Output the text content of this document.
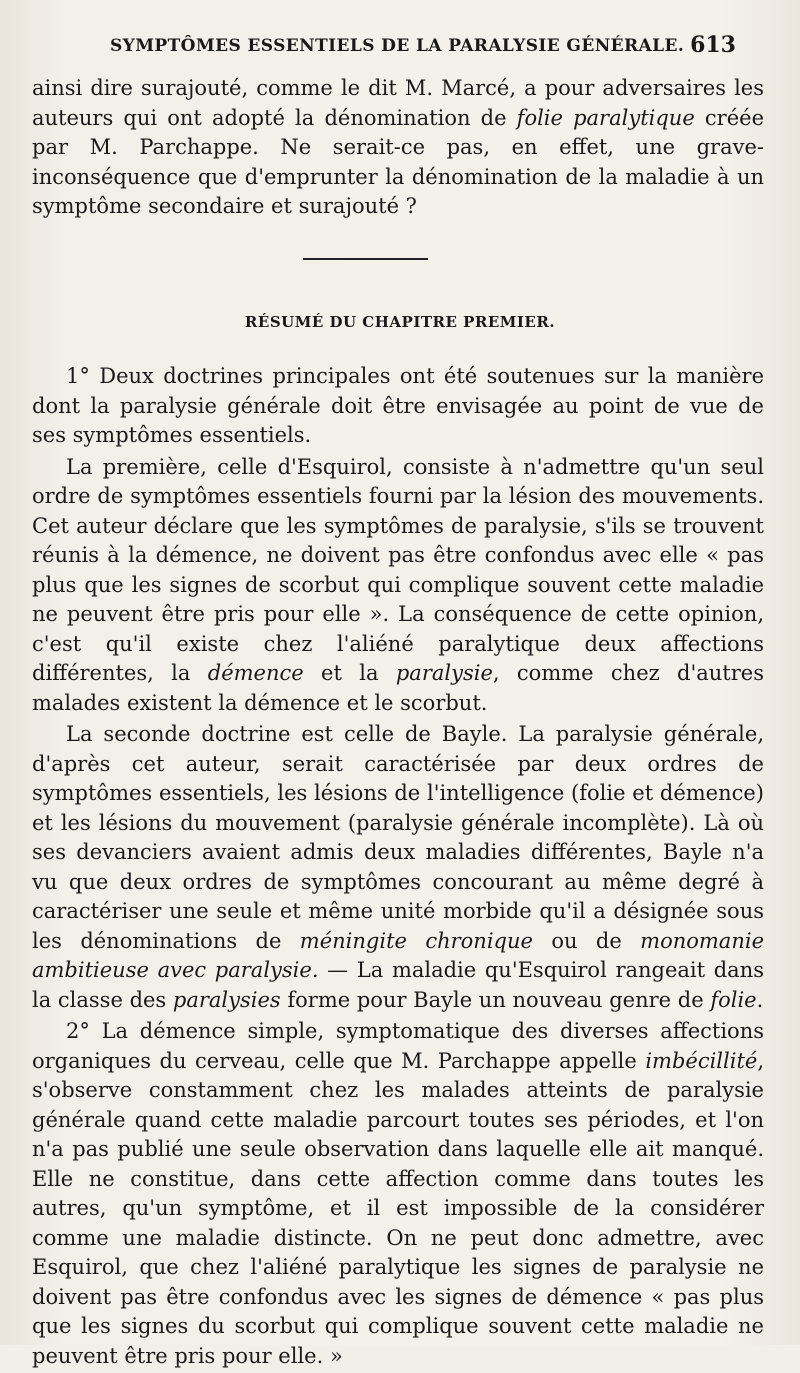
SYMPTÔMES ESSENTIELS DE LA PARALYSIE GÉNÉRALE. 613

ainsi dire surajouté, comme le dit M. Marcé, a pour adversaires les auteurs qui ont adopté la dénomination de folie paralytique créée par M. Parchappe. Ne serait-ce pas, en effet, une grave-inconséquence que d'emprunter la dénomination de la maladie à un symptôme secondaire et surajouté ?

RÉSUMÉ DU CHAPITRE PREMIER.

1° Deux doctrines principales ont été soutenues sur la manière dont la paralysie générale doit être envisagée au point de vue de ses symptômes essentiels.

La première, celle d'Esquirol, consiste à n'admettre qu'un seul ordre de symptômes essentiels fourni par la lésion des mouvements. Cet auteur déclare que les symptômes de paralysie, s'ils se trouvent réunis à la démence, ne doivent pas être confondus avec elle « pas plus que les signes de scorbut qui complique souvent cette maladie ne peuvent être pris pour elle ». La conséquence de cette opinion, c'est qu'il existe chez l'aliéné paralytique deux affections différentes, la démence et la paralysie, comme chez d'autres malades existent la démence et le scorbut.

La seconde doctrine est celle de Bayle. La paralysie générale, d'après cet auteur, serait caractérisée par deux ordres de symptômes essentiels, les lésions de l'intelligence (folie et démence) et les lésions du mouvement (paralysie générale incomplète). Là où ses devanciers avaient admis deux maladies différentes, Bayle n'a vu que deux ordres de symptômes concourant au même degré à caractériser une seule et même unité morbide qu'il a désignée sous les dénominations de méningite chronique ou de monomanie ambitieuse avec paralysie. — La maladie qu'Esquirol rangeait dans la classe des paralysies forme pour Bayle un nouveau genre de folie.

2° La démence simple, symptomatique des diverses affections organiques du cerveau, celle que M. Parchappe appelle imbécillité, s'observe constamment chez les malades atteints de paralysie générale quand cette maladie parcourt toutes ses périodes, et l'on n'a pas publié une seule observation dans laquelle elle ait manqué. Elle ne constitue, dans cette affection comme dans toutes les autres, qu'un symptôme, et il est impossible de la considérer comme une maladie distincte. On ne peut donc admettre, avec Esquirol, que chez l'aliéné paralytique les signes de paralysie ne doivent pas être confondus avec les signes de démence « pas plus que les signes du scorbut qui complique souvent cette maladie ne peuvent être pris pour elle. »
